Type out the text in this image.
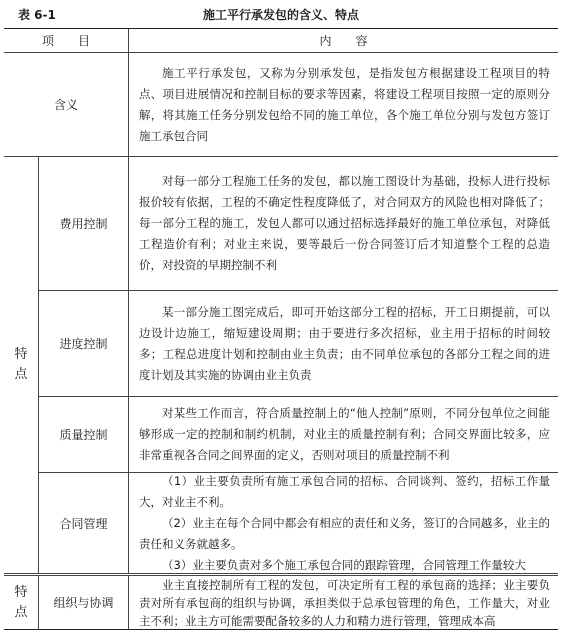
表 6-1	施工平行承发包的含义、特点
项　　目	内　　容
含义

施工平行承发包，又称为分别承发包，是指发包方根据建设工程项目的特点、项目进展情况和控制目标的要求等因素，将建设工程项目按照一定的原则分解，将其施工任务分别发包给不同的施工单位，各个施工单位分别与发包方签订施工承包合同

特
点
费用控制

对每一部分工程施工任务的发包，都以施工图设计为基础，投标人进行投标报价较有依据，工程的不确定性程度降低了，对合同双方的风险也相对降低了；每一部分工程的施工，发包人都可以通过招标选择最好的施工单位承包，对降低工程造价有利；对业主来说，要等最后一份合同签订后才知道整个工程的总造价，对投资的早期控制不利

进度控制

某一部分施工图完成后，即可开始这部分工程的招标，开工日期提前，可以边设计边施工，缩短建设周期；由于要进行多次招标，业主用于招标的时间较多；工程总进度计划和控制由业主负责；由不同单位承包的各部分工程之间的进度计划及其实施的协调由业主负责

质量控制

对某些工作而言，符合质量控制上的“他人控制”原则，不同分包单位之间能够形成一定的控制和制约机制，对业主的质量控制有利；合同交界面比较多，应非常重视各合同之间界面的定义，否则对项目的质量控制不利

合同管理

（1）业主要负责所有施工承包合同的招标、合同谈判、签约，招标工作量大，对业主不利。

（2）业主在每个合同中都会有相应的责任和义务，签订的合同越多，业主的责任和义务就越多。

（3）业主要负责对多个施工承包合同的跟踪管理，合同管理工作量较大

特
点
组织与协调

业主直接控制所有工程的发包，可决定所有工程的承包商的选择；业主要负责对所有承包商的组织与协调，承担类似于总承包管理的角色，工作量大，对业主不利；业主方可能需要配备较多的人力和精力进行管理，管理成本高
